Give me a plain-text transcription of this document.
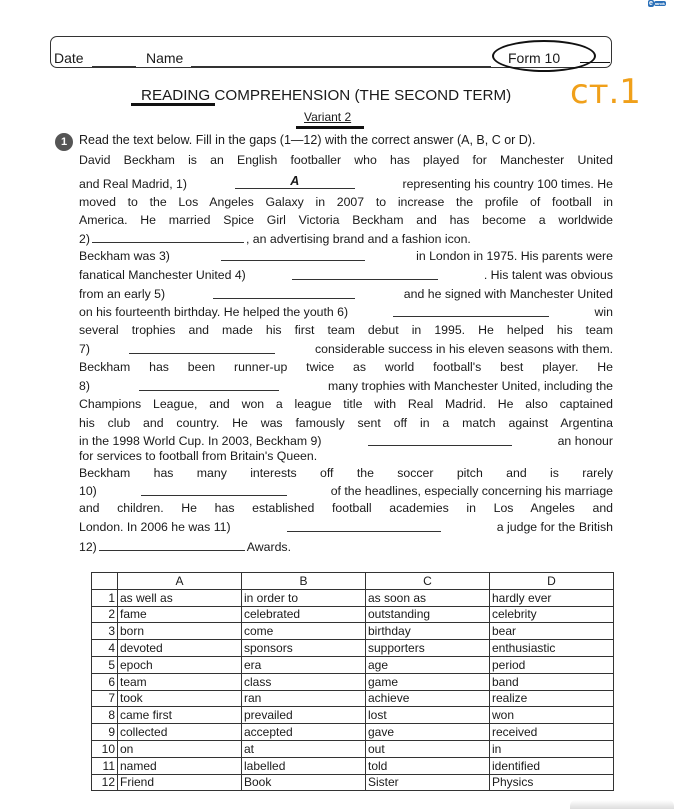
e ranok
Date	Name	Form 10
READING COMPREHENSION (THE SECOND TERM) ст.1
Variant 2
1 Read the text below. Fill in the gaps (1—12) with the correct answer (A, B, C or D).
David Beckham is an English footballer who has played for Manchester United
and Real Madrid, 1)	A	representing his country 100 times. He
moved to the Los Angeles Galaxy in 2007 to increase the profile of football in
America. He married Spice Girl Victoria Beckham and has become a worldwide
2)	, an advertising brand and a fashion icon.
Beckham was 3)	in London in 1975. His parents were
fanatical Manchester United 4)	. His talent was obvious
from an early 5)	and he signed with Manchester United
on his fourteenth birthday. He helped the youth 6)	win
several trophies and made his first team debut in 1995. He helped his team
7)	considerable success in his eleven seasons with them.
Beckham has been runner-up twice as world football's best player. He
8)	many trophies with Manchester United, including the
Champions League, and won a league title with Real Madrid. He also captained
his club and country. He was famously sent off in a match against Argentina
in the 1998 World Cup. In 2003, Beckham 9)	an honour
for services to football from Britain's Queen.
Beckham has many interests off the soccer pitch and is rarely
10)	of the headlines, especially concerning his marriage
and children. He has established football academies in Los Angeles and
London. In 2006 he was 11)	a judge for the British
12)	Awards.
	A	B	C	D
1	as well as	in order to	as soon as	hardly ever
2	fame	celebrated	outstanding	celebrity
3	born	come	birthday	bear
4	devoted	sponsors	supporters	enthusiastic
5	epoch	era	age	period
6	team	class	game	band
7	took	ran	achieve	realize
8	came first	prevailed	lost	won
9	collected	accepted	gave	received
10	on	at	out	in
11	named	labelled	told	identified
12	Friend	Book	Sister	Physics
